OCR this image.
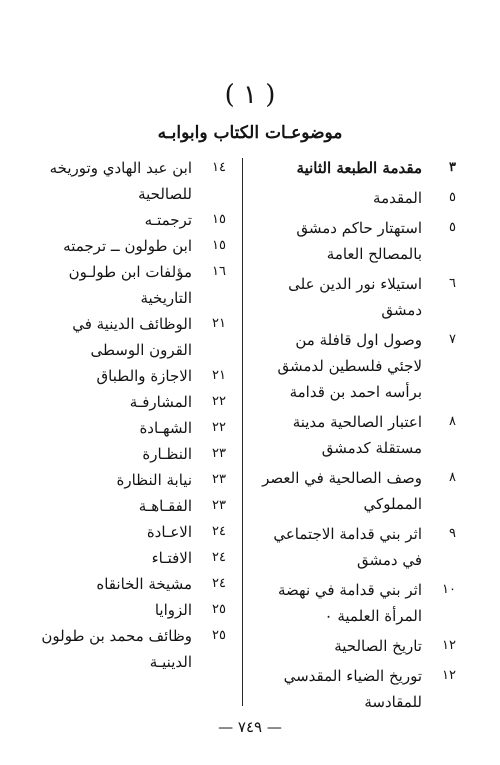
( ١ )
موضوعـات الكتاب وابوابـه
٣
مقدمة الطبعة الثانية
٥
المقدمة
٥
استهتار حاكم دمشق
بالمصالح العامة
٦
استيلاء نور الدين على
دمشق
٧
وصول اول قافلة من
لاجئي فلسطين لدمشق
برأسه احمد بن قدامة
٨
اعتبار الصالحية مدينة
مستقلة كدمشق
٨
وصف الصالحية في العصر
المملوكي
٩
اثر بني قدامة الاجتماعي
في دمشق
١٠
اثر بني قدامة في نهضة
المرأة العلمية ٠
١٢
تاريخ الصالحية
١٢
توريخ الضياء المقدسي
للمقادسة
١٤
ابن عبد الهادي وتوريخه
للصالحية
١٥
ترجمتـه
١٥
ابن طولون ــ ترجمته
١٦
مؤلفات ابن طولـون
التاريخية
٢١
الوظائف الدينية في
القرون الوسطى
٢١
الاجازة والطباق
٢٢
المشارفـة
٢٢
الشهـادة
٢٣
النظـارة
٢٣
نيابة النظارة
٢٣
الفقـاهـة
٢٤
الاعـادة
٢٤
الافتـاء
٢٤
مشيخة الخانقاه
٢٥
الزوايا
٢٥
وظائف محمد بن طولون
الدينيـة
— ٧٤٩ —
